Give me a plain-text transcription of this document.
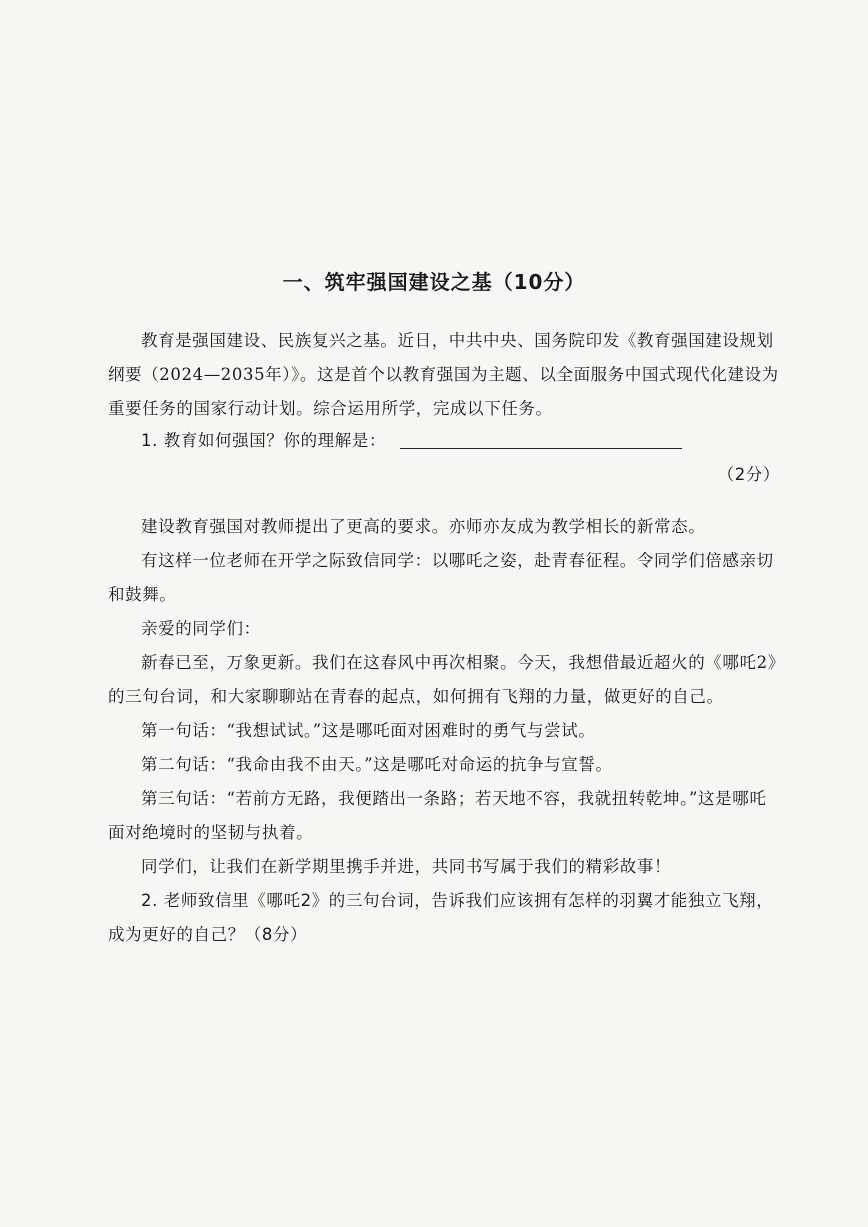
一、筑牢强国建设之基（10分）

教育是强国建设、民族复兴之基。近日，中共中央、国务院印发《教育强国建设规划纲要（2024—2035年）》。这是首个以教育强国为主题、以全面服务中国式现代化建设为重要任务的国家行动计划。综合运用所学，完成以下任务。

1. 教育如何强国？你的理解是：
（2分）

建设教育强国对教师提出了更高的要求。亦师亦友成为教学相长的新常态。

有这样一位老师在开学之际致信同学：以哪吒之姿，赴青春征程。令同学们倍感亲切和鼓舞。

亲爱的同学们：

新春已至，万象更新。我们在这春风中再次相聚。今天，我想借最近超火的《哪吒2》的三句台词，和大家聊聊站在青春的起点，如何拥有飞翔的力量，做更好的自己。

第一句话：“我想试试。”这是哪吒面对困难时的勇气与尝试。

第二句话：“我命由我不由天。”这是哪吒对命运的抗争与宣誓。

第三句话：“若前方无路，我便踏出一条路；若天地不容，我就扭转乾坤。”这是哪吒面对绝境时的坚韧与执着。

同学们，让我们在新学期里携手并进，共同书写属于我们的精彩故事！

2. 老师致信里《哪吒2》的三句台词，告诉我们应该拥有怎样的羽翼才能独立飞翔，成为更好的自己？（8分）
